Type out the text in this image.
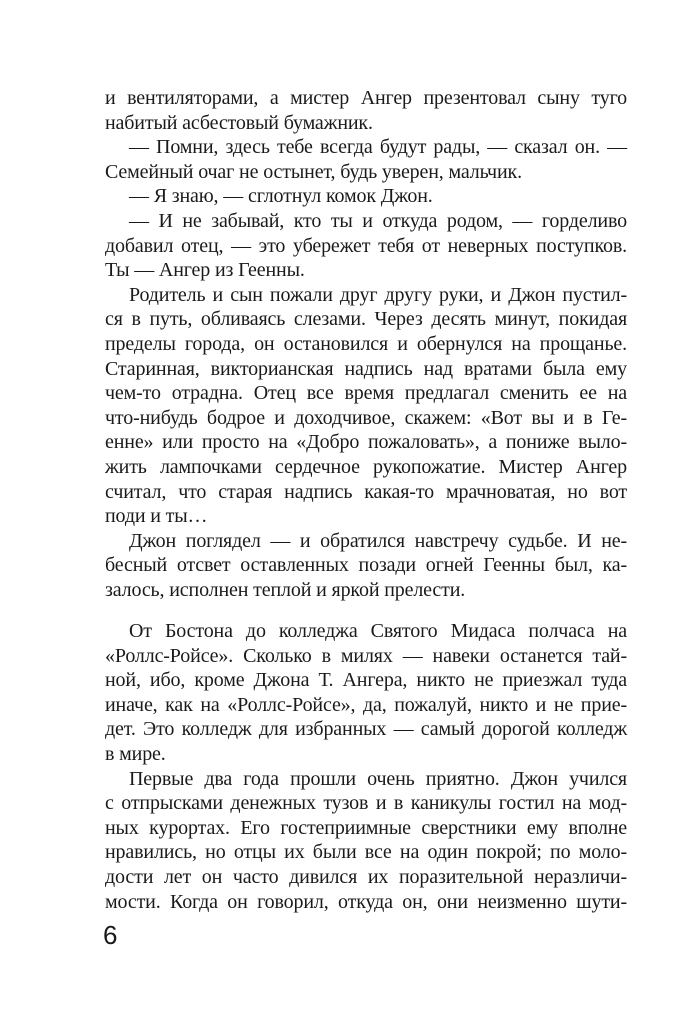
и вентиляторами, а мистер Ангер презентовал сыну туго
набитый асбестовый бумажник.
— Помни, здесь тебе всегда будут рады, — сказал он. —
Семейный очаг не остынет, будь уверен, мальчик.
— Я знаю, — сглотнул комок Джон.
— И не забывай, кто ты и откуда родом, — горделиво
добавил отец, — это убережет тебя от неверных поступков.
Ты — Ангер из Геенны.
Родитель и сын пожали друг другу руки, и Джон пустил-
ся в путь, обливаясь слезами. Через десять минут, покидая
пределы города, он остановился и обернулся на прощанье.
Старинная, викторианская надпись над вратами была ему
чем-то отрадна. Отец все время предлагал сменить ее на
что-нибудь бодрое и доходчивое, скажем: «Вот вы и в Ге-
енне» или просто на «Добро пожаловать», а пониже выло-
жить лампочками сердечное рукопожатие. Мистер Ангер
считал, что старая надпись какая-то мрачноватая, но вот
поди и ты…
Джон поглядел — и обратился навстречу судьбе. И не-
бесный отсвет оставленных позади огней Геенны был, ка-
залось, исполнен теплой и яркой прелести.
От Бостона до колледжа Святого Мидаса полчаса на
«Роллс-Ройсе». Сколько в милях — навеки останется тай-
ной, ибо, кроме Джона Т. Ангера, никто не приезжал туда
иначе, как на «Роллс-Ройсе», да, пожалуй, никто и не прие-
дет. Это колледж для избранных — самый дорогой колледж
в мире.
Первые два года прошли очень приятно. Джон учился
с отпрысками денежных тузов и в каникулы гостил на мод-
ных курортах. Его гостеприимные сверстники ему вполне
нравились, но отцы их были все на один покрой; по моло-
дости лет он часто дивился их поразительной неразличи-
мости. Когда он говорил, откуда он, они неизменно шути-
6
